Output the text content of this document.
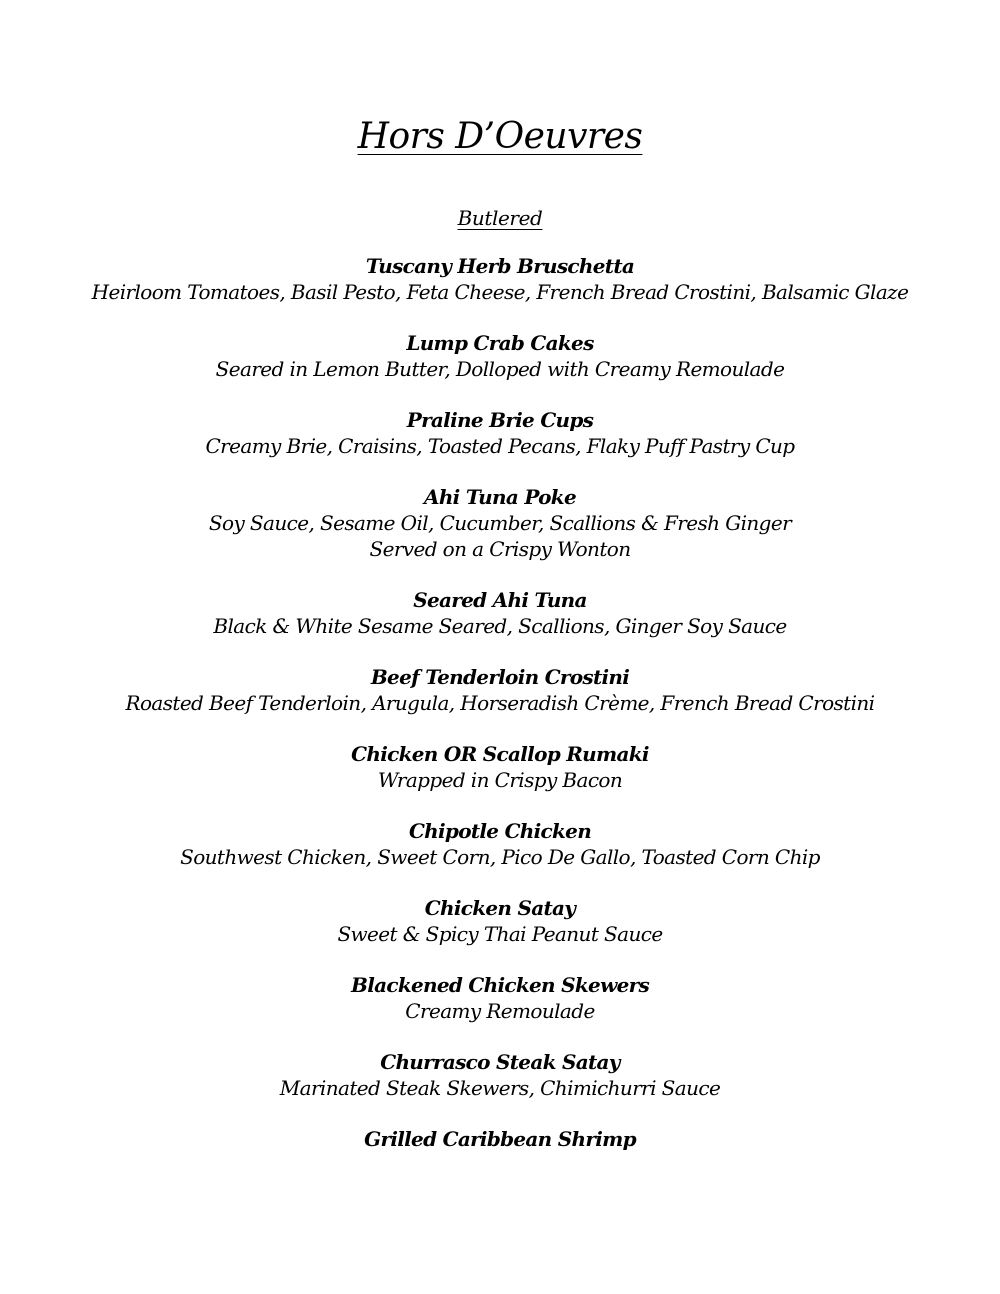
Hors D’Oeuvres
Butlered
Tuscany Herb Bruschetta
Heirloom Tomatoes, Basil Pesto, Feta Cheese, French Bread Crostini, Balsamic Glaze
Lump Crab Cakes
Seared in Lemon Butter, Dolloped with Creamy Remoulade
Praline Brie Cups
Creamy Brie, Craisins, Toasted Pecans, Flaky Puff Pastry Cup
Ahi Tuna Poke
Soy Sauce, Sesame Oil, Cucumber, Scallions & Fresh Ginger
Served on a Crispy Wonton
Seared Ahi Tuna
Black & White Sesame Seared, Scallions, Ginger Soy Sauce
Beef Tenderloin Crostini
Roasted Beef Tenderloin, Arugula, Horseradish Crème, French Bread Crostini
Chicken OR Scallop Rumaki
Wrapped in Crispy Bacon
Chipotle Chicken
Southwest Chicken, Sweet Corn, Pico De Gallo, Toasted Corn Chip
Chicken Satay
Sweet & Spicy Thai Peanut Sauce
Blackened Chicken Skewers
Creamy Remoulade
Churrasco Steak Satay
Marinated Steak Skewers, Chimichurri Sauce
Grilled Caribbean Shrimp
